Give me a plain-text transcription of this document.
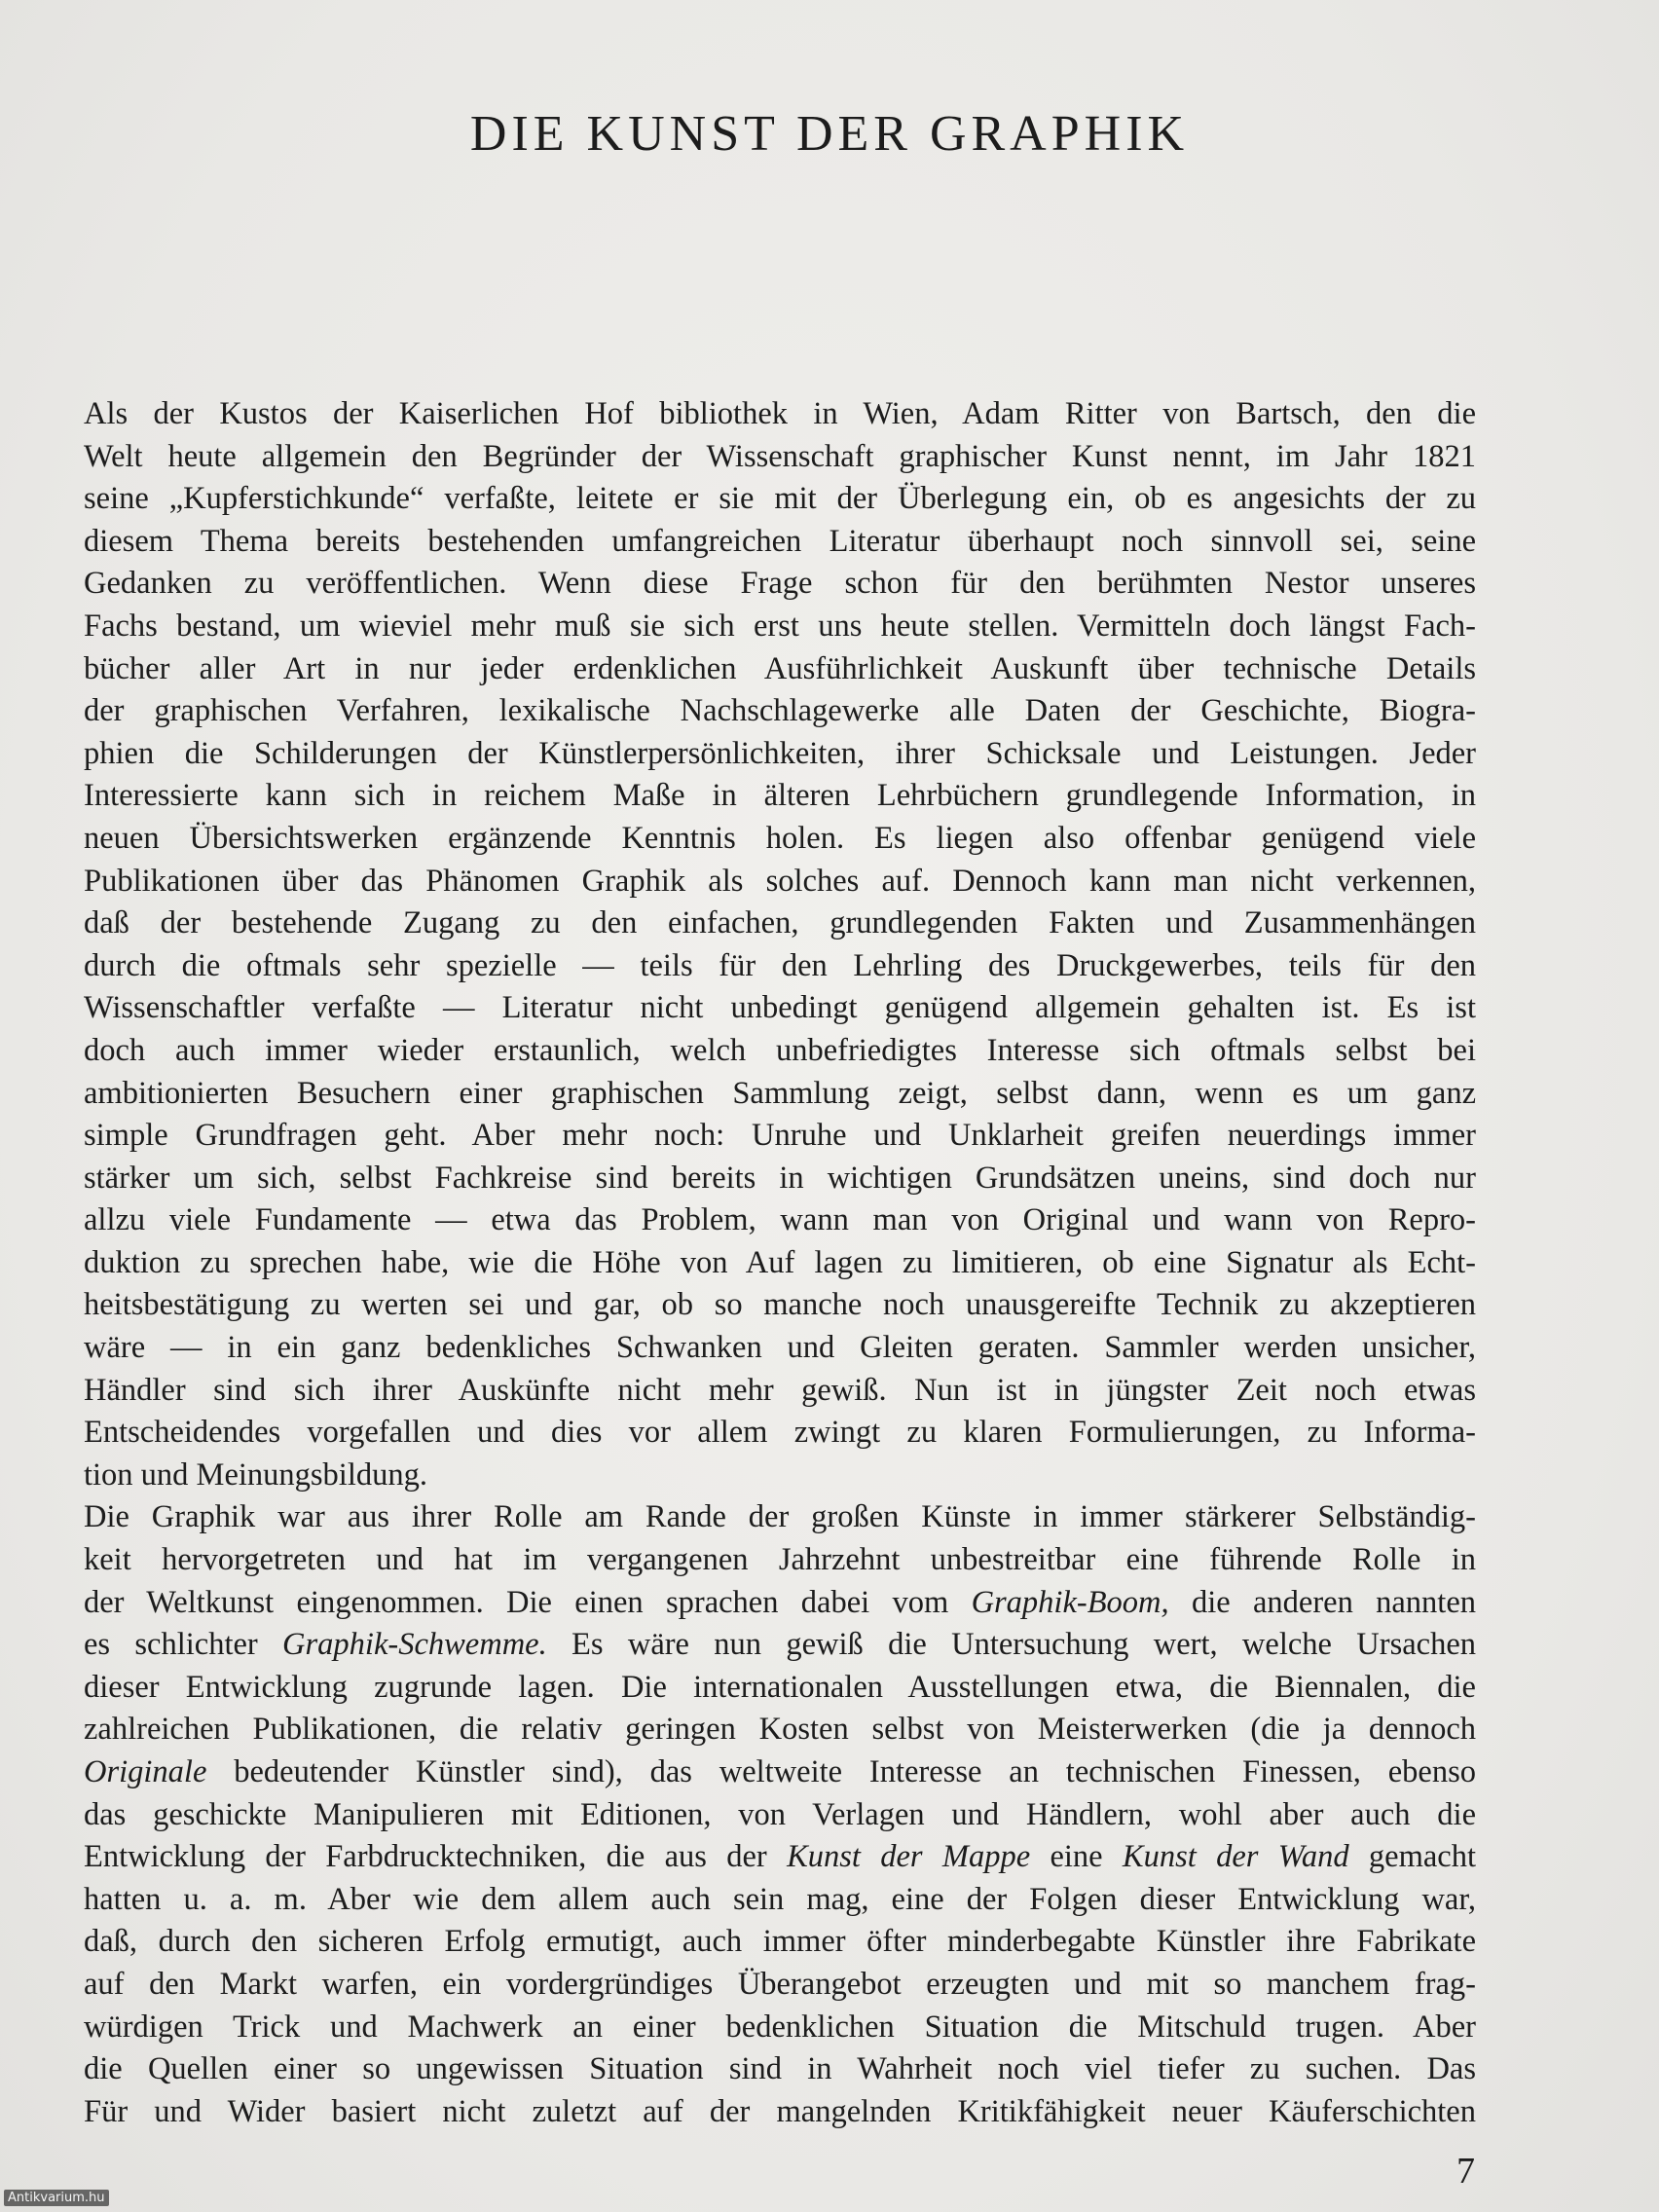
DIE KUNST DER GRAPHIK
Als der Kustos der Kaiserlichen Hof bibliothek in Wien, Adam Ritter von Bartsch, den die
Welt heute allgemein den Begründer der Wissenschaft graphischer Kunst nennt, im Jahr 1821
seine „Kupferstichkunde“ verfaßte, leitete er sie mit der Überlegung ein, ob es angesichts der zu
diesem Thema bereits bestehenden umfangreichen Literatur überhaupt noch sinnvoll sei, seine
Gedanken zu veröffentlichen. Wenn diese Frage schon für den berühmten Nestor unseres
Fachs bestand, um wieviel mehr muß sie sich erst uns heute stellen. Vermitteln doch längst Fach-
bücher aller Art in nur jeder erdenklichen Ausführlichkeit Auskunft über technische Details
der graphischen Verfahren, lexikalische Nachschlagewerke alle Daten der Geschichte, Biogra-
phien die Schilderungen der Künstlerpersönlichkeiten, ihrer Schicksale und Leistungen. Jeder
Interessierte kann sich in reichem Maße in älteren Lehrbüchern grundlegende Information, in
neuen Übersichtswerken ergänzende Kenntnis holen. Es liegen also offenbar genügend viele
Publikationen über das Phänomen Graphik als solches auf. Dennoch kann man nicht verkennen,
daß der bestehende Zugang zu den einfachen, grundlegenden Fakten und Zusammenhängen
durch die oftmals sehr spezielle — teils für den Lehrling des Druckgewerbes, teils für den
Wissenschaftler verfaßte — Literatur nicht unbedingt genügend allgemein gehalten ist. Es ist
doch auch immer wieder erstaunlich, welch unbefriedigtes Interesse sich oftmals selbst bei
ambitionierten Besuchern einer graphischen Sammlung zeigt, selbst dann, wenn es um ganz
simple Grundfragen geht. Aber mehr noch: Unruhe und Unklarheit greifen neuerdings immer
stärker um sich, selbst Fachkreise sind bereits in wichtigen Grundsätzen uneins, sind doch nur
allzu viele Fundamente — etwa das Problem, wann man von Original und wann von Repro-
duktion zu sprechen habe, wie die Höhe von Auf lagen zu limitieren, ob eine Signatur als Echt-
heitsbestätigung zu werten sei und gar, ob so manche noch unausgereifte Technik zu akzeptieren
wäre — in ein ganz bedenkliches Schwanken und Gleiten geraten. Sammler werden unsicher,
Händler sind sich ihrer Auskünfte nicht mehr gewiß. Nun ist in jüngster Zeit noch etwas
Entscheidendes vorgefallen und dies vor allem zwingt zu klaren Formulierungen, zu Informa-
tion und Meinungsbildung.
Die Graphik war aus ihrer Rolle am Rande der großen Künste in immer stärkerer Selbständig-
keit hervorgetreten und hat im vergangenen Jahrzehnt unbestreitbar eine führende Rolle in
der Weltkunst eingenommen. Die einen sprachen dabei vom Graphik-Boom, die anderen nannten
es schlichter Graphik-Schwemme. Es wäre nun gewiß die Untersuchung wert, welche Ursachen
dieser Entwicklung zugrunde lagen. Die internationalen Ausstellungen etwa, die Biennalen, die
zahlreichen Publikationen, die relativ geringen Kosten selbst von Meisterwerken (die ja dennoch
Originale bedeutender Künstler sind), das weltweite Interesse an technischen Finessen, ebenso
das geschickte Manipulieren mit Editionen, von Verlagen und Händlern, wohl aber auch die
Entwicklung der Farbdrucktechniken, die aus der Kunst der Mappe eine Kunst der Wand gemacht
hatten u. a. m. Aber wie dem allem auch sein mag, eine der Folgen dieser Entwicklung war,
daß, durch den sicheren Erfolg ermutigt, auch immer öfter minderbegabte Künstler ihre Fabrikate
auf den Markt warfen, ein vordergründiges Überangebot erzeugten und mit so manchem frag-
würdigen Trick und Machwerk an einer bedenklichen Situation die Mitschuld trugen. Aber
die Quellen einer so ungewissen Situation sind in Wahrheit noch viel tiefer zu suchen. Das
Für und Wider basiert nicht zuletzt auf der mangelnden Kritikfähigkeit neuer Käuferschichten
7
Antikvarium.hu
